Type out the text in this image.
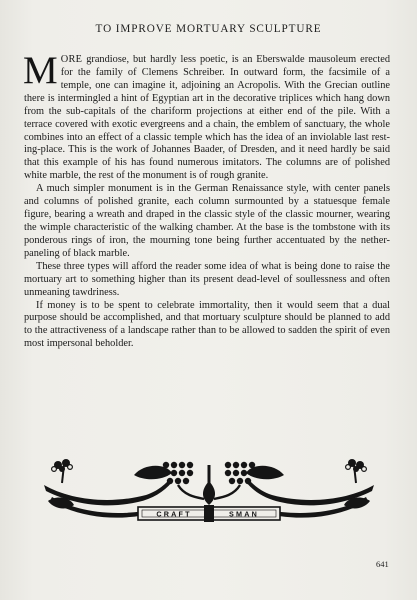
TO IMPROVE MORTUARY SCULPTURE

MORE grandiose, but hardly less poetic, is an Eberswalde mausoleum erected for the family of Clemens Schreiber. In outward form, the facsimile of a temple, one can imagine it, adjoining an Acropolis. With the Grecian outline there is intermingled a hint of Egyptian art in the decorative triplices which hang down from the sub-capitals of the chariform projections at either end of the pile. With a terrace covered with exotic evergreens and a chain, the emblem of sanctuary, the whole combines into an effect of a classic temple which has the idea of an inviolable last resting-place. This is the work of Johannes Baader, of Dresden, and it need hardly be said that this example of his has found numerous imitators. The columns are of polished white marble, the rest of the monument is of rough granite.

A much simpler monument is in the German Renaissance style, with center panels and columns of polished granite, each column surmounted by a statuesque female figure, bearing a wreath and draped in the classic style of the classic mourner, wearing the wimple characteristic of the walking chamber. At the base is the tombstone with its ponderous rings of iron, the mourning tone being further accentuated by the nether-paneling of black marble.

These three types will afford the reader some idea of what is being done to raise the mortuary art to something higher than its present dead-level of soullessness and often unmeaning tawdriness.

If money is to be spent to celebrate immortality, then it would seem that a dual purpose should be accomplished, and that mortuary sculpture should be planned to add to the attractiveness of a landscape rather than to be allowed to sadden the spirit of even most impersonal beholder.

CRAFT	SMAN
641
